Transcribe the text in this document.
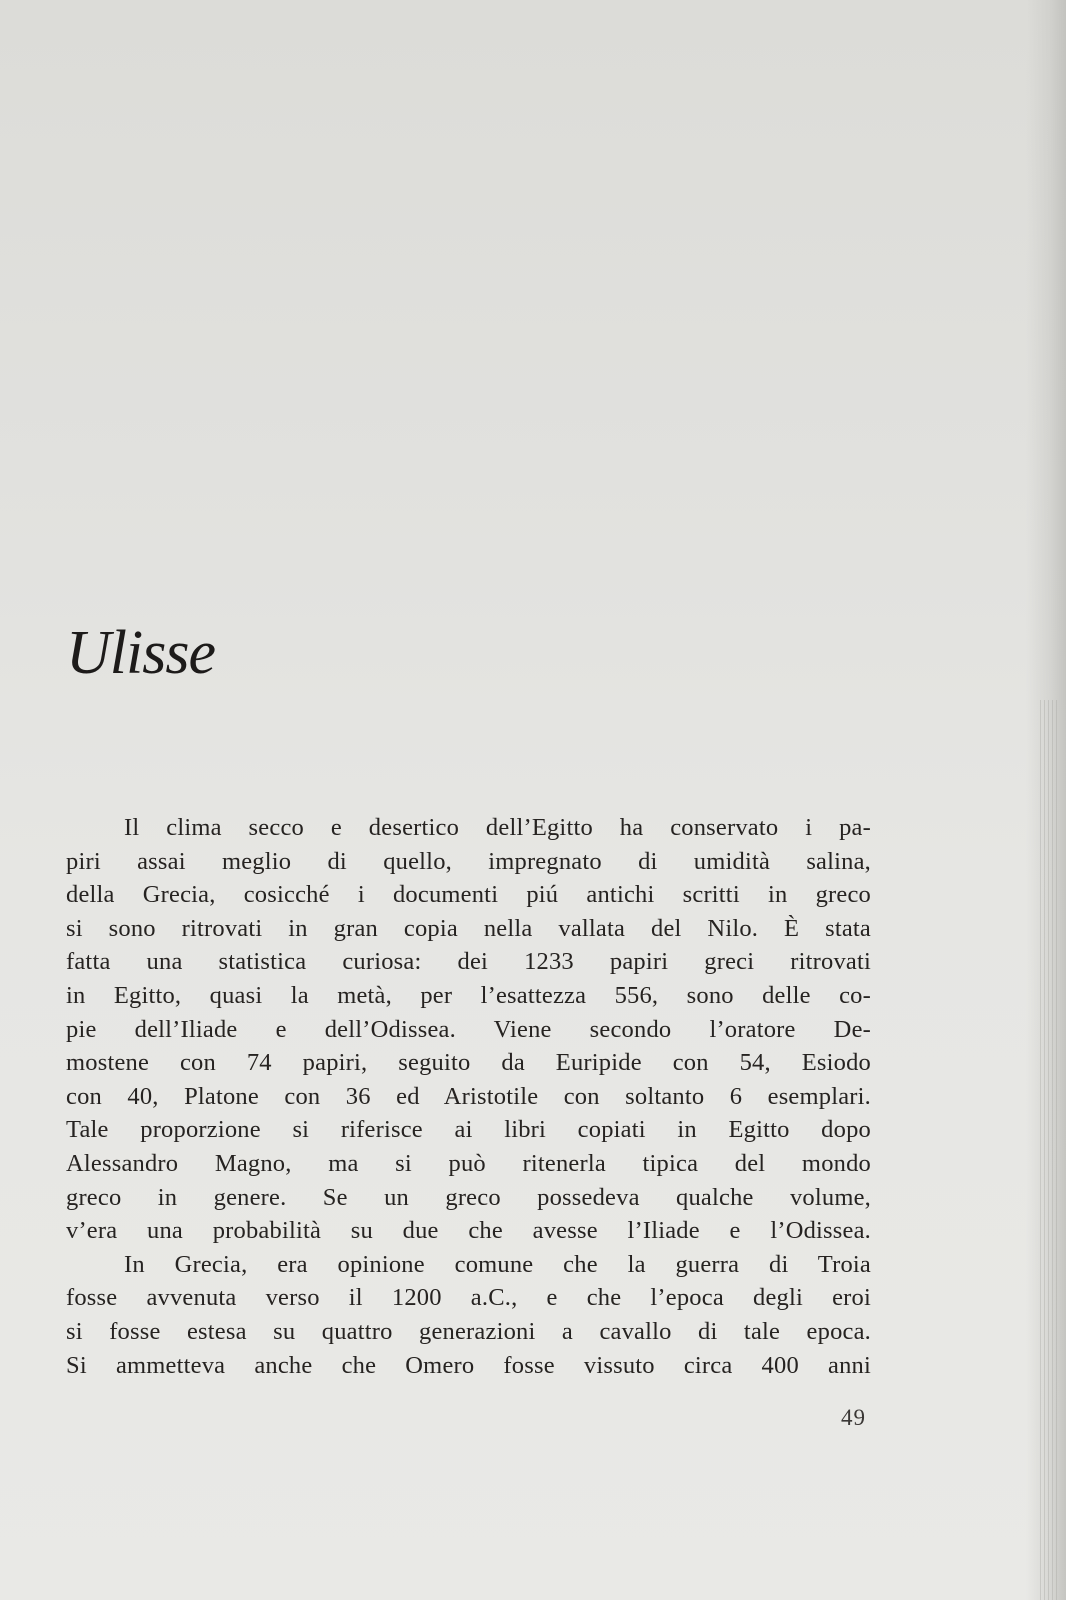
Ulisse
Il clima secco e desertico dell’Egitto ha conservato i pa-
piri assai meglio di quello, impregnato di umidità salina,
della Grecia, cosicché i documenti piú antichi scritti in greco
si sono ritrovati in gran copia nella vallata del Nilo. È stata
fatta una statistica curiosa: dei 1233 papiri greci ritrovati
in Egitto, quasi la metà, per l’esattezza 556, sono delle co-
pie dell’Iliade e dell’Odissea. Viene secondo l’oratore De-
mostene con 74 papiri, seguito da Euripide con 54, Esiodo
con 40, Platone con 36 ed Aristotile con soltanto 6 esemplari.
Tale proporzione si riferisce ai libri copiati in Egitto dopo
Alessandro Magno, ma si può ritenerla tipica del mondo
greco in genere. Se un greco possedeva qualche volume,
v’era una probabilità su due che avesse l’Iliade e l’Odissea.
In Grecia, era opinione comune che la guerra di Troia
fosse avvenuta verso il 1200 a.C., e che l’epoca degli eroi
si fosse estesa su quattro generazioni a cavallo di tale epoca.
Si ammetteva anche che Omero fosse vissuto circa 400 anni
49
